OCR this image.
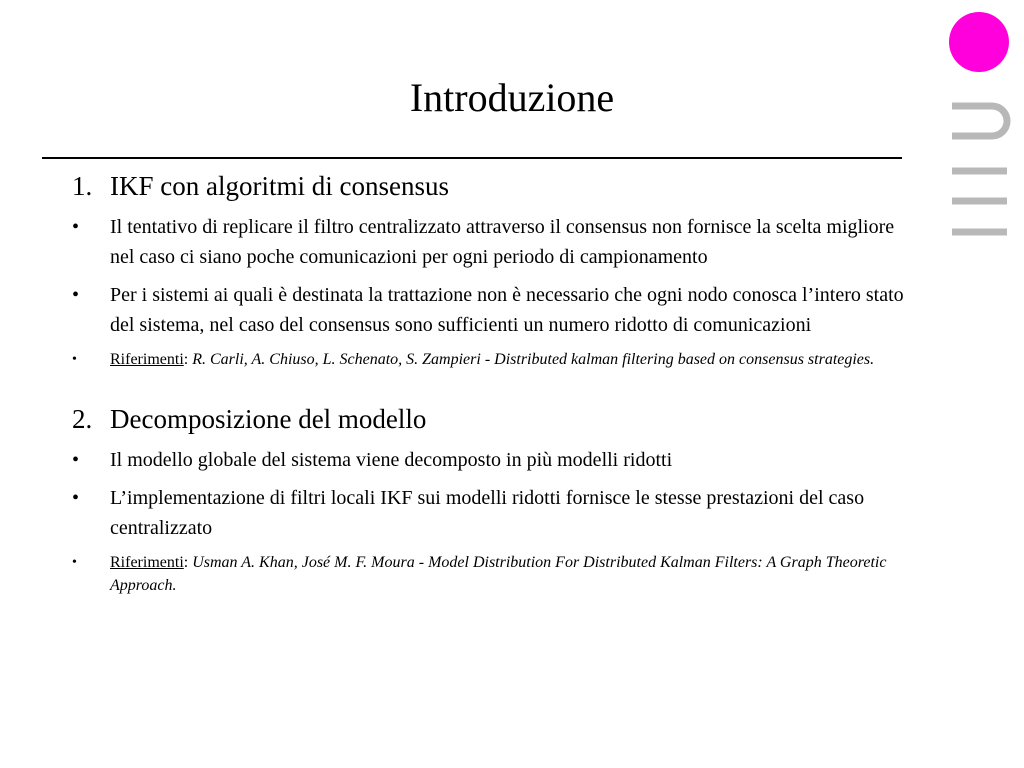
Introduzione
1. IKF con algoritmi di consensus
• Il tentativo di replicare il filtro centralizzato attraverso il consensus non fornisce la scelta migliore nel caso ci siano poche comunicazioni per ogni periodo di campionamento
• Per i sistemi ai quali è destinata la trattazione non è necessario che ogni nodo conosca l’intero stato del sistema, nel caso del consensus sono sufficienti un numero ridotto di comunicazioni
• Riferimenti: R. Carli, A. Chiuso, L. Schenato, S. Zampieri - Distributed kalman filtering based on consensus strategies.
2. Decomposizione del modello
• Il modello globale del sistema viene decomposto in più modelli ridotti
• L’implementazione di filtri locali IKF sui modelli ridotti fornisce le stesse prestazioni del caso centralizzato
• Riferimenti: Usman A. Khan, José M. F. Moura - Model Distribution For Distributed Kalman Filters: A Graph Theoretic Approach.
